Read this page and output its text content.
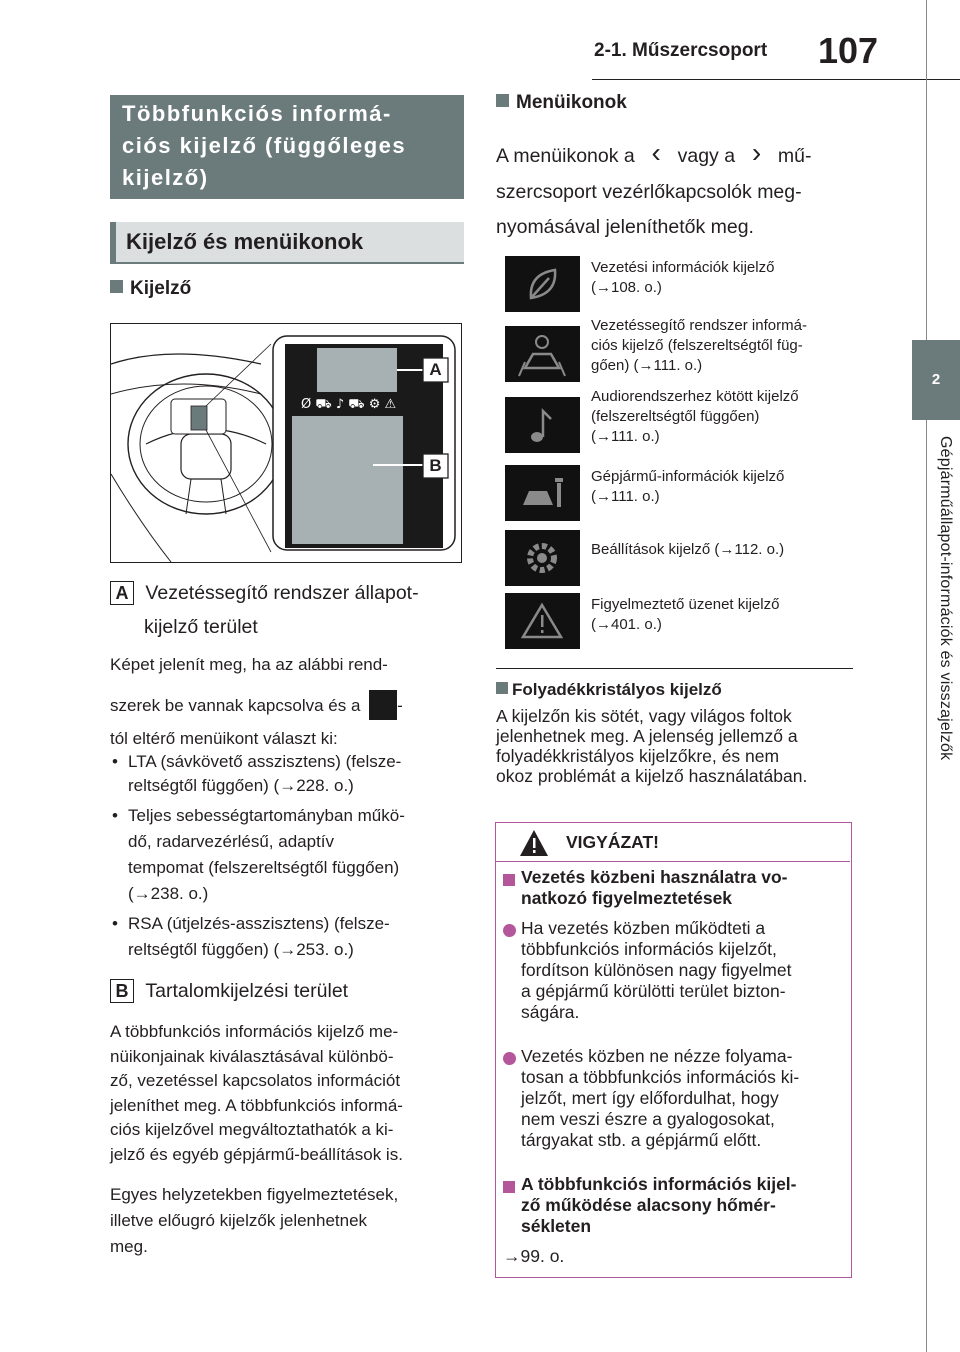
2-1. Műszercsoport 107
2
Gépjárműállapot-információk és visszajelzők
Többfunkciós informá-
ciós kijelző (függőleges
kijelző)
Kijelző és menüikonok
Kijelző
Ø ⛟ ♪ ⛟ ⚙ ⚠
A
B
A Vezetéssegítő rendszer állapot-
kijelző terület
Képet jelenít meg, ha az alábbi rend-
szerek be vannak kapcsolva és a -
tól eltérő menüikont választ ki:
• LTA (sávkövető asszisztens) (felsze-
reltségtől függően) (→228. o.)
• Teljes sebességtartományban műkö-
dő, radarvezérlésű, adaptív
tempomat (felszereltségtől függően)
(→238. o.)
• RSA (útjelzés-asszisztens) (felsze-
reltségtől függően) (→253. o.)
B Tartalomkijelzési terület
A többfunkciós információs kijelző me-
nüikonjainak kiválasztásával különbö-
ző, vezetéssel kapcsolatos információt
jeleníthet meg. A többfunkciós informá-
ciós kijelzővel megváltoztathatók a ki-
jelző és egyéb gépjármű-beállítások is.
Egyes helyzetekben figyelmeztetések,
illetve előugró kijelzők jelenhetnek
meg.
Menüikonok
A menüikonok a ‹ vagy a › mű-
szercsoport vezérlőkapcsolók meg-
nyomásával jeleníthetők meg.
Vezetési információk kijelző
(→108. o.)
Vezetéssegítő rendszer informá-
ciós kijelző (felszereltségtől füg-
gően) (→111. o.)
Audiorendszerhez kötött kijelző
(felszereltségtől függően)
(→111. o.)
Gépjármű-információk kijelző
(→111. o.)
Beállítások kijelző (→112. o.)
Figyelmeztető üzenet kijelző
(→401. o.)
Folyadékkristályos kijelző
A kijelzőn kis sötét, vagy világos foltok
jelenhetnek meg. A jelenség jellemző a
folyadékkristályos kijelzőkre, és nem
okoz problémát a kijelző használatában.
VIGYÁZAT!
Vezetés közbeni használatra vo-
natkozó figyelmeztetések
Ha vezetés közben működteti a
többfunkciós információs kijelzőt,
fordítson különösen nagy figyelmet
a gépjármű körülötti terület bizton-
ságára.
Vezetés közben ne nézze folyama-
tosan a többfunkciós információs ki-
jelzőt, mert így előfordulhat, hogy
nem veszi észre a gyalogosokat,
tárgyakat stb. a gépjármű előtt.
A többfunkciós információs kijel-
ző működése alacsony hőmér-
sékleten
→99. o.
